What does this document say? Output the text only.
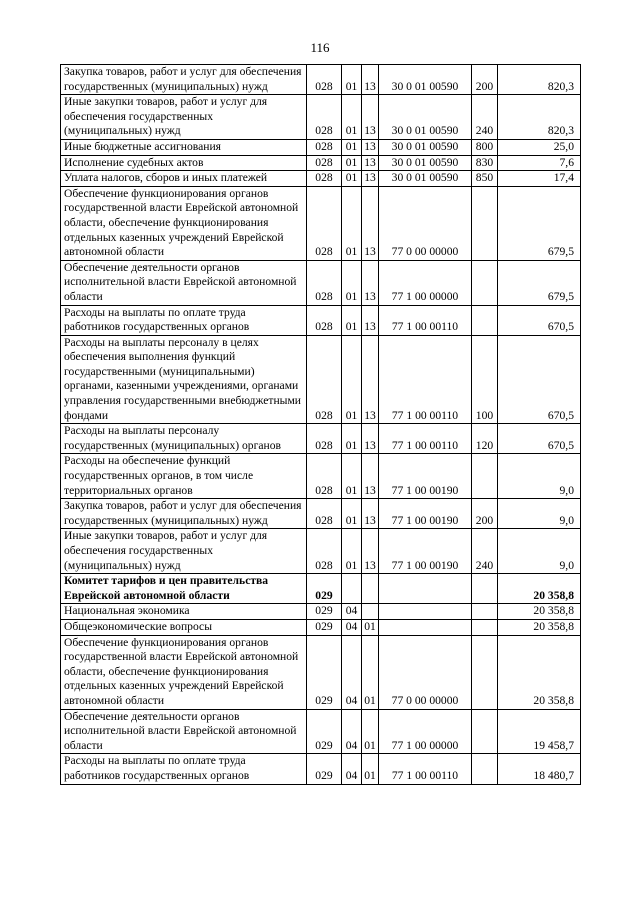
116
Закупка товаров, работ и услуг для обеспечения государственных (муниципальных) нужд	028	01	13	30 0 01 00590	200	820,3
Иные закупки товаров, работ и услуг для обеспечения государственных (муниципальных) нужд	028	01	13	30 0 01 00590	240	820,3
Иные бюджетные ассигнования	028	01	13	30 0 01 00590	800	25,0
Исполнение судебных актов	028	01	13	30 0 01 00590	830	7,6
Уплата налогов, сборов и иных платежей	028	01	13	30 0 01 00590	850	17,4
Обеспечение функционирования органов государственной власти Еврейской автономной области, обеспечение функционирования отдельных казенных учреждений Еврейской автономной области	028	01	13	77 0 00 00000		679,5
Обеспечение деятельности органов исполнительной власти Еврейской автономной области	028	01	13	77 1 00 00000		679,5
Расходы на выплаты по оплате труда работников государственных органов	028	01	13	77 1 00 00110		670,5
Расходы на выплаты персоналу в целях обеспечения выполнения функций государственными (муниципальными) органами, казенными учреждениями, органами управления государственными внебюджетными фондами	028	01	13	77 1 00 00110	100	670,5
Расходы на выплаты персоналу государственных (муниципальных) органов	028	01	13	77 1 00 00110	120	670,5
Расходы на обеспечение функций государственных органов, в том числе территориальных органов	028	01	13	77 1 00 00190		9,0
Закупка товаров, работ и услуг для обеспечения государственных (муниципальных) нужд	028	01	13	77 1 00 00190	200	9,0
Иные закупки товаров, работ и услуг для обеспечения государственных (муниципальных) нужд	028	01	13	77 1 00 00190	240	9,0
Комитет тарифов и цен правительства Еврейской автономной области	029					20 358,8
Национальная экономика	029	04				20 358,8
Общеэкономические вопросы	029	04	01			20 358,8
Обеспечение функционирования органов государственной власти Еврейской автономной области, обеспечение функционирования отдельных казенных учреждений Еврейской автономной области	029	04	01	77 0 00 00000		20 358,8
Обеспечение деятельности органов исполнительной власти Еврейской автономной области	029	04	01	77 1 00 00000		19 458,7
Расходы на выплаты по оплате труда работников государственных органов	029	04	01	77 1 00 00110		18 480,7
